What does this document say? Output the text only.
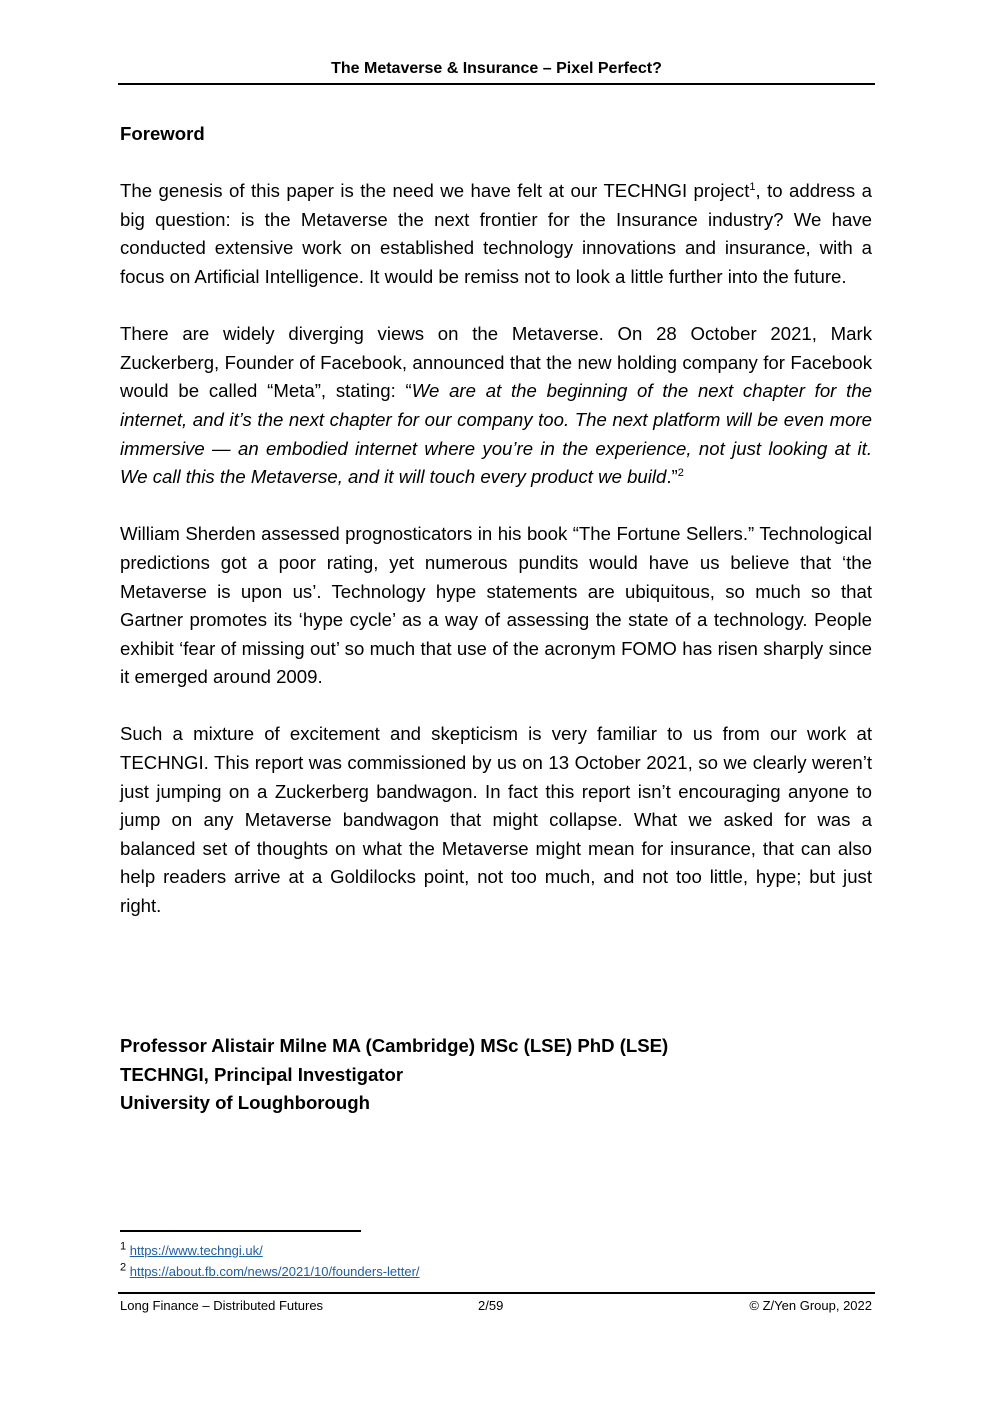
The Metaverse & Insurance – Pixel Perfect?
Foreword

The genesis of this paper is the need we have felt at our TECHNGI project$^1$, to address a big question: is the Metaverse the next frontier for the Insurance industry? We have conducted extensive work on established technology innovations and insurance, with a focus on Artificial Intelligence. It would be remiss not to look a little further into the future.

There are widely diverging views on the Metaverse. On 28 October 2021, Mark Zuckerberg, Founder of Facebook, announced that the new holding company for Facebook would be called “Meta”, stating: “We are at the beginning of the next chapter for the internet, and it’s the next chapter for our company too. The next platform will be even more immersive — an embodied internet where you’re in the experience, not just looking at it. We call this the Metaverse, and it will touch every product we build.”$^2$

William Sherden assessed prognosticators in his book “The Fortune Sellers.” Technological predictions got a poor rating, yet numerous pundits would have us believe that ‘the Metaverse is upon us’. Technology hype statements are ubiquitous, so much so that Gartner promotes its ‘hype cycle’ as a way of assessing the state of a technology. People exhibit ‘fear of missing out’ so much that use of the acronym FOMO has risen sharply since it emerged around 2009.

Such a mixture of excitement and skepticism is very familiar to us from our work at TECHNGI. This report was commissioned by us on 13 October 2021, so we clearly weren’t just jumping on a Zuckerberg bandwagon. In fact this report isn’t encouraging anyone to jump on any Metaverse bandwagon that might collapse. What we asked for was a balanced set of thoughts on what the Metaverse might mean for insurance, that can also help readers arrive at a Goldilocks point, not too much, and not too little, hype; but just right.

Professor Alistair Milne MA (Cambridge) MSc (LSE) PhD (LSE)
TECHNGI, Principal Investigator
University of Loughborough
$^1$ https://www.techngi.uk/
$^2$ https://about.fb.com/news/2021/10/founders-letter/
Long Finance – Distributed Futures	2/59	© Z/Yen Group, 2022
